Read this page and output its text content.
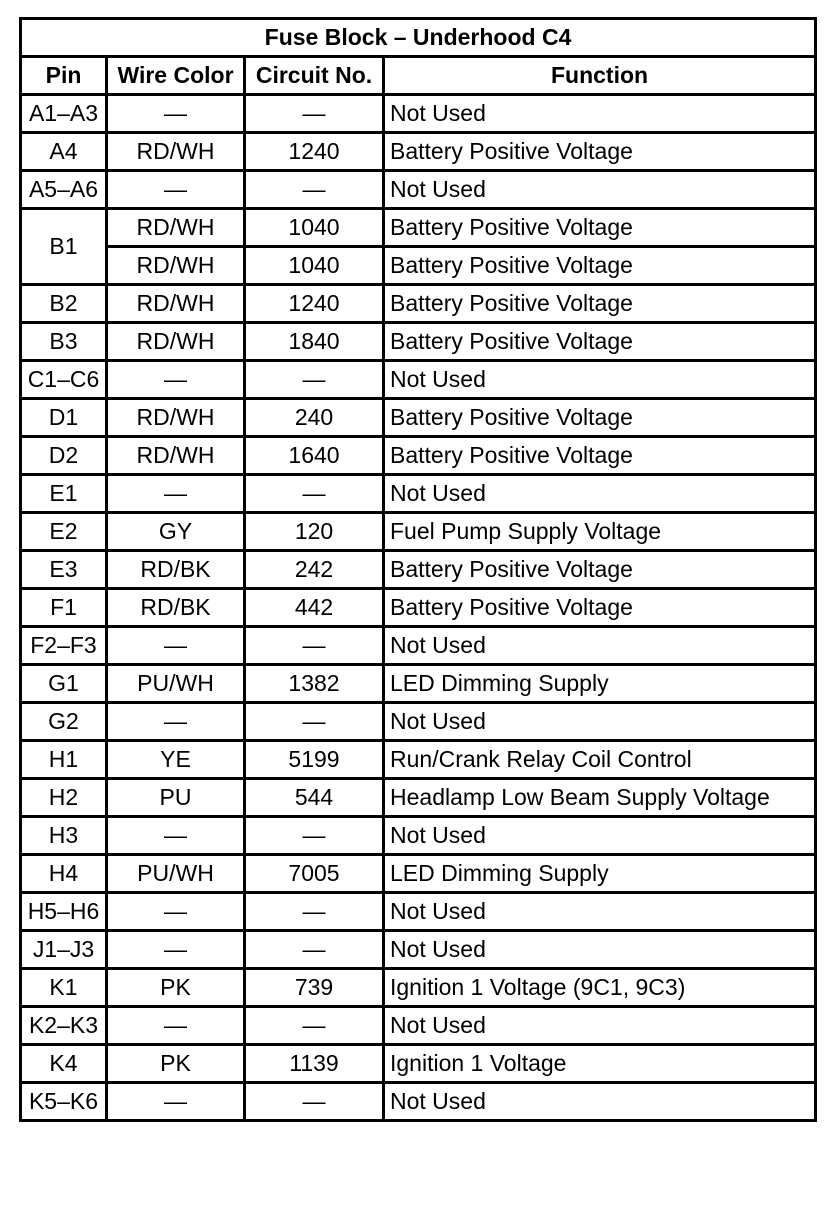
Fuse Block – Underhood C4			
Pin	Wire Color	Circuit No.	Function
A1–A3	—	—	Not Used
A4	RD/WH	1240	Battery Positive Voltage
A5–A6	—	—	Not Used
B1	RD/WH	1040	Battery Positive Voltage
	RD/WH	1040	Battery Positive Voltage
B2	RD/WH	1240	Battery Positive Voltage
B3	RD/WH	1840	Battery Positive Voltage
C1–C6	—	—	Not Used
D1	RD/WH	240	Battery Positive Voltage
D2	RD/WH	1640	Battery Positive Voltage
E1	—	—	Not Used
E2	GY	120	Fuel Pump Supply Voltage
E3	RD/BK	242	Battery Positive Voltage
F1	RD/BK	442	Battery Positive Voltage
F2–F3	—	—	Not Used
G1	PU/WH	1382	LED Dimming Supply
G2	—	—	Not Used
H1	YE	5199	Run/Crank Relay Coil Control
H2	PU	544	Headlamp Low Beam Supply Voltage
H3	—	—	Not Used
H4	PU/WH	7005	LED Dimming Supply
H5–H6	—	—	Not Used
J1–J3	—	—	Not Used
K1	PK	739	Ignition 1 Voltage (9C1, 9C3)
K2–K3	—	—	Not Used
K4	PK	1139	Ignition 1 Voltage
K5–K6	—	—	Not Used
